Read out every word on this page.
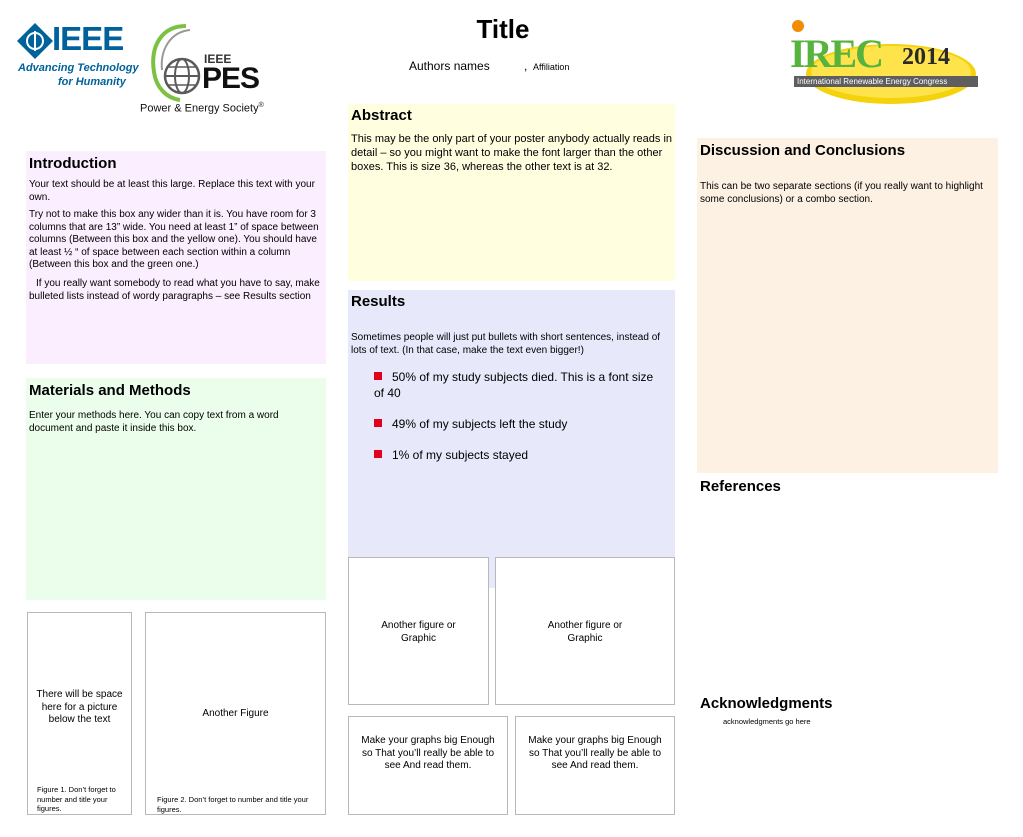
Title
Authors names	, Affiliation
IEEE
Advancing Technology
for Humanity
IEEE
PES
Power & Energy Society®
IREC 2014
International Renewable Energy Congress
Introduction
Your text should be at least this large. Replace this text with your own.
Try not to make this box any wider than it is. You have room for 3 columns that are 13” wide. You need at least 1” of space between columns (Between this box and the yellow one). You should have at least ½ “ of space between each section within a column (Between this box and the green one.)
If you really want somebody to read what you have to say, make bulleted lists instead of wordy paragraphs – see Results section
Materials and Methods
Enter your methods here. You can copy text from a word document and paste it inside this box.
There will be space here for a picture below the text
Figure 1. Don’t forget to number and title your figures.
Another Figure
Figure 2. Don’t forget to number and title your figures.
Abstract
This may be the only part of your poster anybody actually reads in detail – so you might want to make the font larger than the other boxes. This is size 36, whereas the other text is at 32.
Results
Sometimes people will just put bullets with short sentences, instead of lots of text. (In that case, make the text even bigger!)
50% of my study subjects died. This is a font size of 40
49% of my subjects left the study
1% of my subjects stayed
Another figure or Graphic
Another figure or Graphic
Make your graphs big Enough so That you’ll really be able to see And read them.
Make your graphs big Enough so That you’ll really be able to see And read them.
Discussion and Conclusions
This can be two separate sections (if you really want to highlight some conclusions) or a combo section.
References
Acknowledgments
acknowledgments go here
